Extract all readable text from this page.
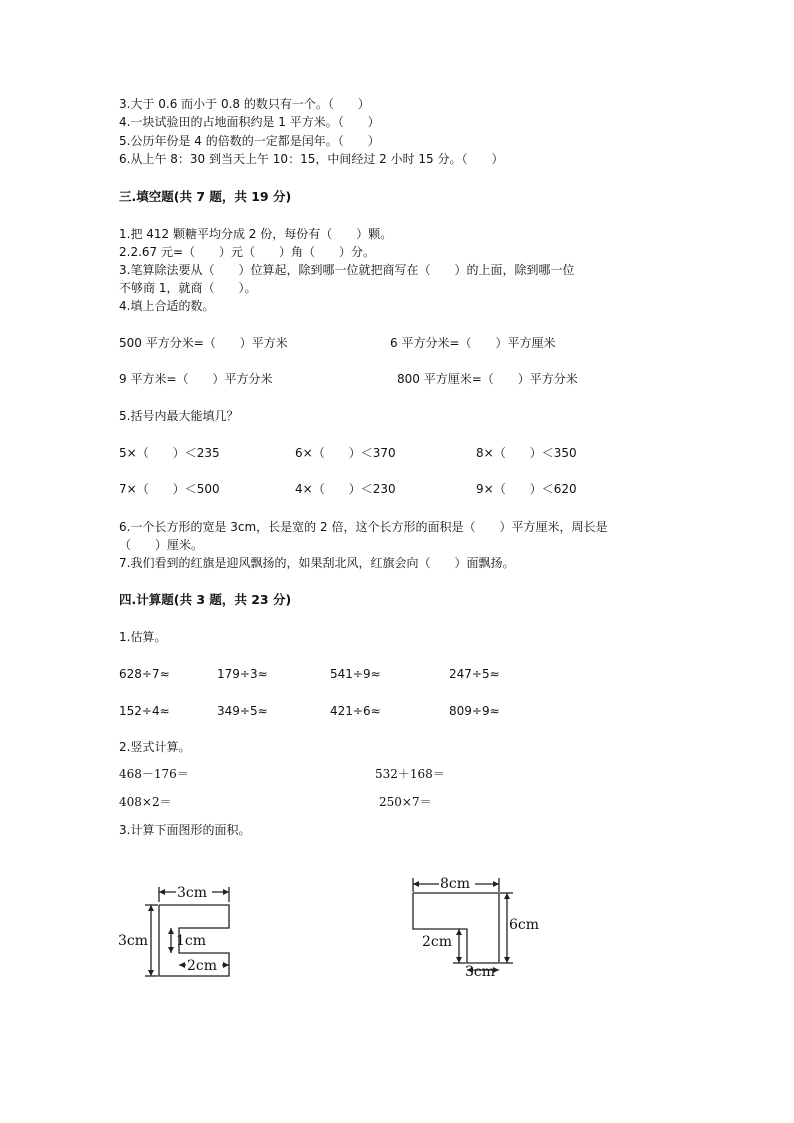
3.大于 0.6 而小于 0.8 的数只有一个。（　　）
4.一块试验田的占地面积约是 1 平方米。（　　）
5.公历年份是 4 的倍数的一定都是闰年。（　　）
6.从上午 8：30 到当天上午 10：15，中间经过 2 小时 15 分。（　　）
三.填空题(共 7 题，共 19 分)
1.把 412 颗糖平均分成 2 份，每份有（　　）颗。
2.2.67 元=（　　）元（　　）角（　　）分。
3.笔算除法要从（　　）位算起，除到哪一位就把商写在（　　）的上面，除到哪一位
不够商 1，就商（　　）。
4.填上合适的数。
500 平方分米=（　　）平方米	6 平方分米=（　　）平方厘米
9 平方米=（　　）平方分米	800 平方厘米=（　　）平方分米
5.括号内最大能填几？
5×（　　）＜235	6×（　　）＜370	8×（　　）＜350
7×（　　）＜500	4×（　　）＜230	9×（　　）＜620
6.一个长方形的宽是 3cm，长是宽的 2 倍，这个长方形的面积是（　　）平方厘米，周长是
（　　）厘米。
7.我们看到的红旗是迎风飘扬的，如果刮北风，红旗会向（　　）面飘扬。
四.计算题(共 3 题，共 23 分)
1.估算。
628÷7≈	179÷3≈	541÷9≈	247÷5≈
152÷4≈	349÷5≈	421÷6≈	809÷9≈
2.竖式计算。
468－176＝	532＋168＝
408×2＝	250×7＝
3.计算下面图形的面积。
3cm
3cm 1cm
2cm
8cm
6cm
2cm
3cm
